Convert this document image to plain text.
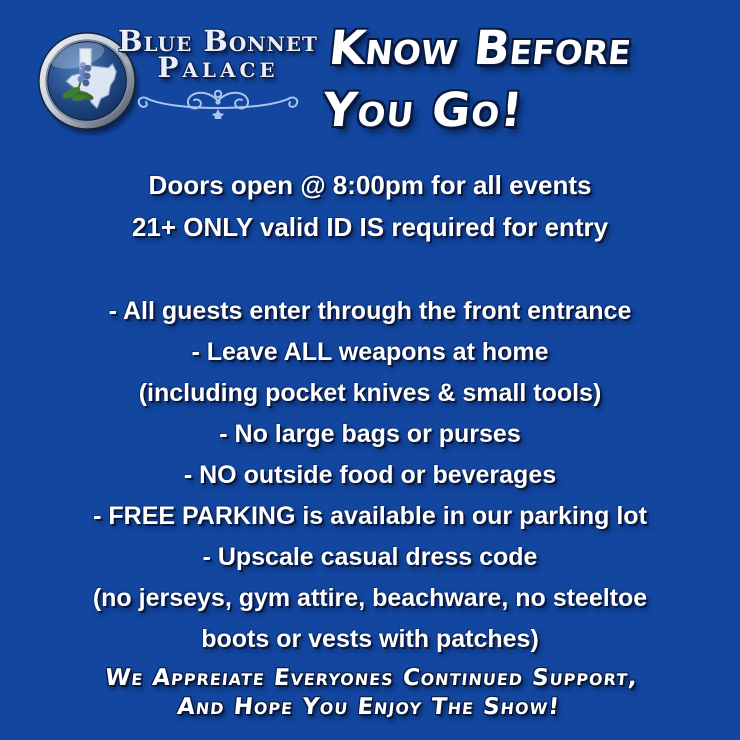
Blue Bonnet
Palace	Know Before
You Go!
Doors open @ 8:00pm for all events
21+ ONLY valid ID IS required for entry
- All guests enter through the front entrance
- Leave ALL weapons at home
(including pocket knives & small tools)
- No large bags or purses
- NO outside food or beverages
- FREE PARKING is available in our parking lot
- Upscale casual dress code
(no jerseys, gym attire, beachware, no steeltoe
boots or vests with patches)
We Appreiate Everyones Continued Support,
And Hope You Enjoy The Show!
